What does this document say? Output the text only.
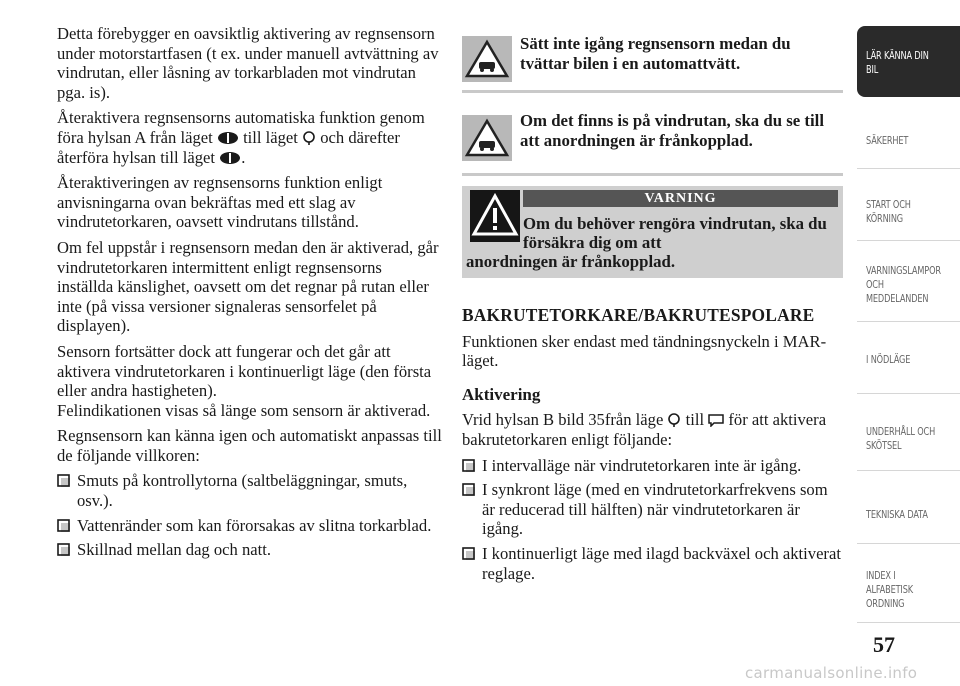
Detta förebygger en oavsiktlig aktivering av regnsensorn under motorstartfasen (t ex. under manuell avtvättning av vindrutan, eller låsning av torkarbladen mot vindrutan pga. is).

Återaktivera regnsensorns automatiska funktion genom föra hylsan A från läget till läget och därefter återföra hylsan till läget .

Återaktiveringen av regnsensorns funktion enligt anvisningarna ovan bekräftas med ett slag av vindrutetorkaren, oavsett vindrutans tillstånd.

Om fel uppstår i regnsensorn medan den är aktiverad, går vindrutetorkaren intermittent enligt regnsensorns inställda känslighet, oavsett om det regnar på rutan eller inte (på vissa versioner signaleras sensorfelet på displayen).

Sensorn fortsätter dock att fungerar och det går att aktivera vindrutetorkaren i kontinuerligt läge (den första eller andra hastigheten).

Felindikationen visas så länge som sensorn är aktiverad.

Regnsensorn kan känna igen och automatiskt anpassas till de följande villkoren:

Smuts på kontrollytorna (saltbeläggningar, smuts, osv.).
Vattenränder som kan förorsakas av slitna torkarblad.
Skillnad mellan dag och natt.
Sätt inte igång regnsensorn medan du tvättar bilen i en automattvätt.
Om det finns is på vindrutan, ska du se till att anordningen är frånkopplad.
VARNING
Om du behöver rengöra vindrutan, ska du försäkra dig om att
anordningen är frånkopplad.
BAKRUTETORKARE/BAKRUTESPOLARE

Funktionen sker endast med tändningsnyckeln i MAR-läget.

Aktivering

Vrid hylsan B bild 35från läge till för att aktivera bakrutetorkaren enligt följande:

I intervalläge när vindrutetorkaren inte är igång.
I synkront läge (med en vindrutetorkarfrekvens som är reducerad till hälften) när vindrutetorkaren är igång.
I kontinuerligt läge med ilagd backväxel och aktiverat reglage.
LÄR KÄNNA DIN
BIL
SÄKERHET
START OCH
KÖRNING
VARNINGSLAMPOR
OCH
MEDDELANDEN
I NÖDLÄGE
UNDERHÅLL OCH
SKÖTSEL
TEKNISKA DATA
INDEX I
ALFABETISK
ORDNING
57
carmanualsonline.info
